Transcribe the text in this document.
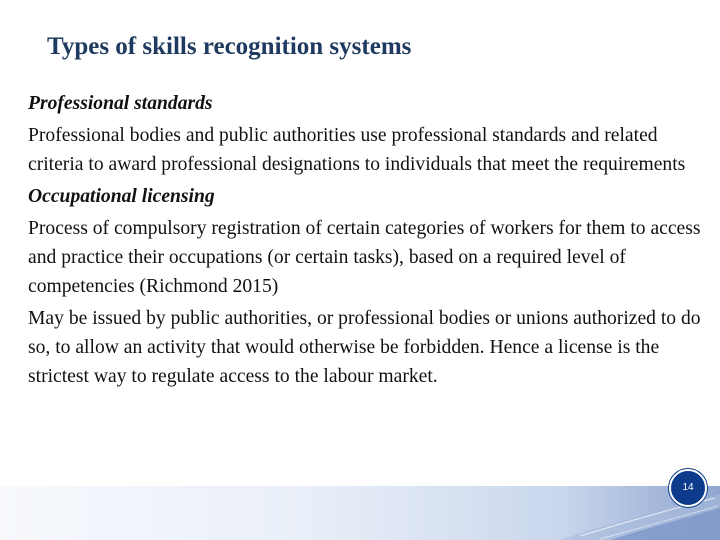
Types of skills recognition systems

Professional standards

Professional bodies and public authorities use professional standards and related criteria to award professional designations to individuals that meet the requirements

Occupational licensing

Process of compulsory registration of certain categories of workers for them to access and practice their occupations (or certain tasks), based on a required level of competencies (Richmond 2015)

May be issued by public authorities, or professional bodies or unions authorized to do so, to allow an activity that would otherwise be forbidden. Hence a license is the strictest way to regulate access to the labour market.

14
